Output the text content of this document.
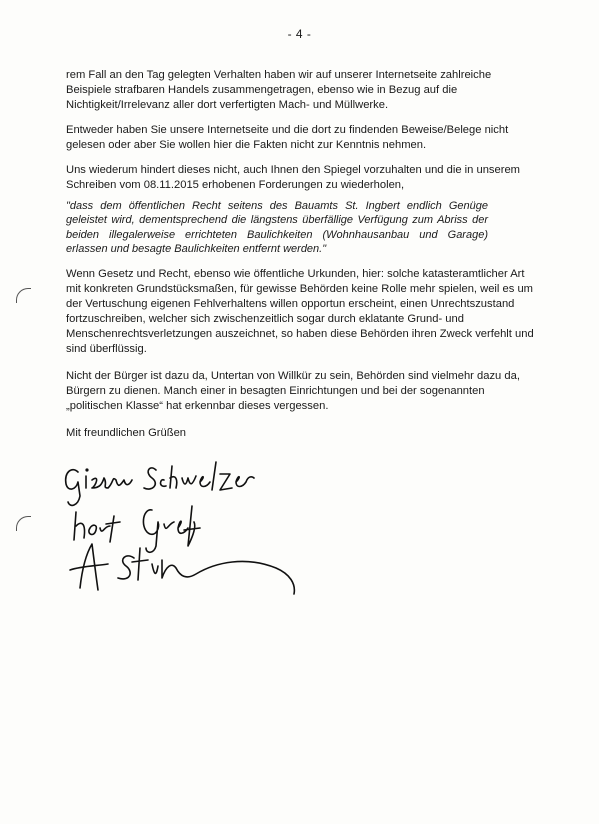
- 4 -

rem Fall an den Tag gelegten Verhalten haben wir auf unserer Internetseite zahlreiche Beispiele strafbaren Handels zusammengetragen, ebenso wie in Bezug auf die Nichtigkeit/Irrelevanz aller dort verfertigten Mach- und Müllwerke.

Entweder haben Sie unsere Internetseite und die dort zu findenden Beweise/Belege nicht gelesen oder aber Sie wollen hier die Fakten nicht zur Kenntnis nehmen.

Uns wiederum hindert dieses nicht, auch Ihnen den Spiegel vorzuhalten und die in unserem Schreiben vom 08.11.2015 erhobenen Forderungen zu wiederholen,

"dass dem öffentlichen Recht seitens des Bauamts St. Ingbert endlich Genüge geleistet wird, dementsprechend die längstens überfällige Verfügung zum Abriss der beiden illegalerweise errichteten Baulichkeiten (Wohnhausanbau und Garage) erlassen und besagte Baulichkeiten entfernt werden."

Wenn Gesetz und Recht, ebenso wie öffentliche Urkunden, hier: solche katasteramtlicher Art mit konkreten Grundstücksmaßen, für gewisse Behörden keine Rolle mehr spielen, weil es um der Vertuschung eigenen Fehlverhaltens willen opportun erscheint, einen Unrechtszustand fortzuschreiben, welcher sich zwischenzeitlich sogar durch eklatante Grund- und Menschenrechtsverletzungen auszeichnet, so haben diese Behörden ihren Zweck verfehlt und sind überflüssig.

Nicht der Bürger ist dazu da, Untertan von Willkür zu sein, Behörden sind vielmehr dazu da, Bürgern zu dienen. Manch einer in besagten Einrichtungen und bei der sogenannten „politischen Klasse“ hat erkennbar dieses vergessen.

Mit freundlichen Grüßen
